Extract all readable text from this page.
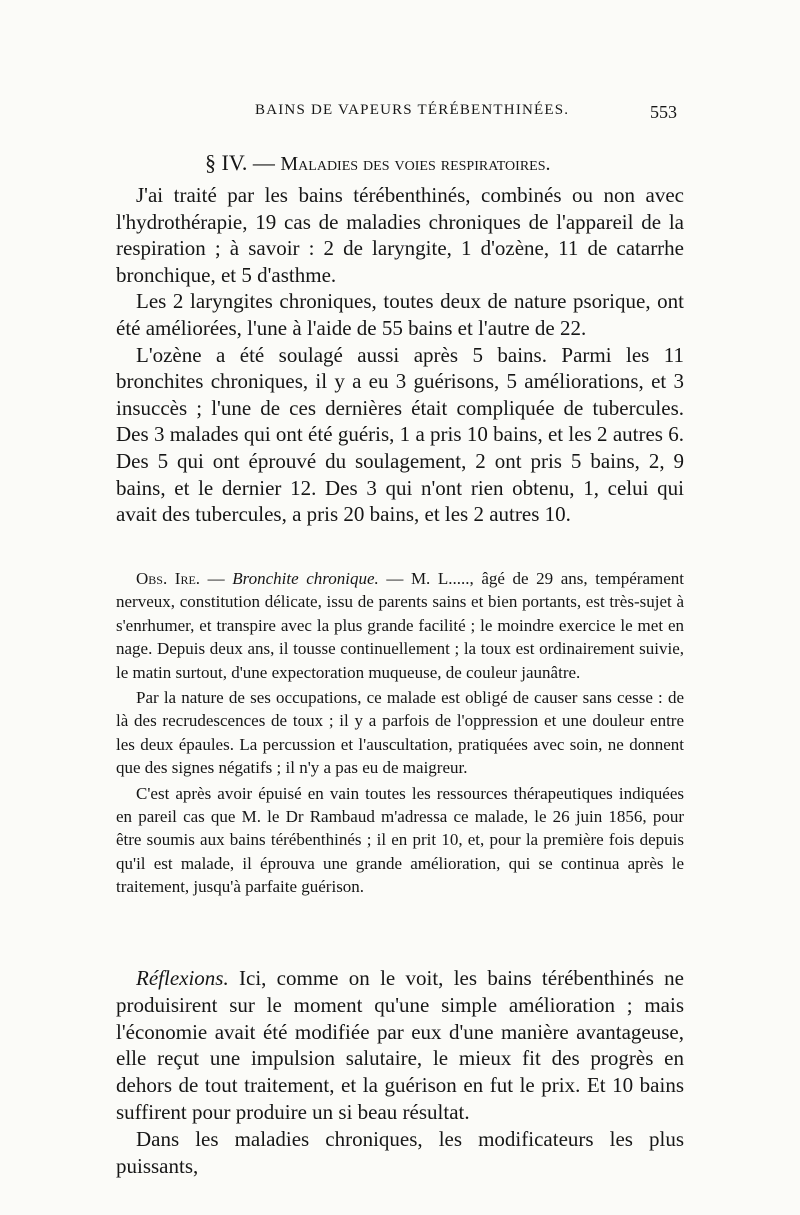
BAINS DE VAPEURS TÉRÉBENTHINÉES.	553
§ IV. — Maladies des voies respiratoires.

J'ai traité par les bains térébenthinés, combinés ou non avec l'hydrothérapie, 19 cas de maladies chroniques de l'appareil de la respiration ; à savoir : 2 de laryngite, 1 d'ozène, 11 de catarrhe bronchique, et 5 d'asthme.

Les 2 laryngites chroniques, toutes deux de nature psorique, ont été améliorées, l'une à l'aide de 55 bains et l'autre de 22.

L'ozène a été soulagé aussi après 5 bains. Parmi les 11 bronchites chroniques, il y a eu 3 guérisons, 5 améliorations, et 3 insuccès ; l'une de ces dernières était compliquée de tubercules. Des 3 malades qui ont été guéris, 1 a pris 10 bains, et les 2 autres 6. Des 5 qui ont éprouvé du soulagement, 2 ont pris 5 bains, 2, 9 bains, et le dernier 12. Des 3 qui n'ont rien obtenu, 1, celui qui avait des tubercules, a pris 20 bains, et les 2 autres 10.

Obs. Ire. — Bronchite chronique. — M. L....., âgé de 29 ans, tempérament nerveux, constitution délicate, issu de parents sains et bien portants, est très-sujet à s'enrhumer, et transpire avec la plus grande facilité ; le moindre exercice le met en nage. Depuis deux ans, il tousse continuellement ; la toux est ordinairement suivie, le matin surtout, d'une expectoration muqueuse, de couleur jaunâtre.

Par la nature de ses occupations, ce malade est obligé de causer sans cesse : de là des recrudescences de toux ; il y a parfois de l'oppression et une douleur entre les deux épaules. La percussion et l'auscultation, pratiquées avec soin, ne donnent que des signes négatifs ; il n'y a pas eu de maigreur.

C'est après avoir épuisé en vain toutes les ressources thérapeutiques indiquées en pareil cas que M. le Dr Rambaud m'adressa ce malade, le 26 juin 1856, pour être soumis aux bains térébenthinés ; il en prit 10, et, pour la première fois depuis qu'il est malade, il éprouva une grande amélioration, qui se continua après le traitement, jusqu'à parfaite guérison.

Réflexions. Ici, comme on le voit, les bains térébenthinés ne produisirent sur le moment qu'une simple amélioration ; mais l'économie avait été modifiée par eux d'une manière avantageuse, elle reçut une impulsion salutaire, le mieux fit des progrès en dehors de tout traitement, et la guérison en fut le prix. Et 10 bains suffirent pour produire un si beau résultat.

Dans les maladies chroniques, les modificateurs les plus puissants,
